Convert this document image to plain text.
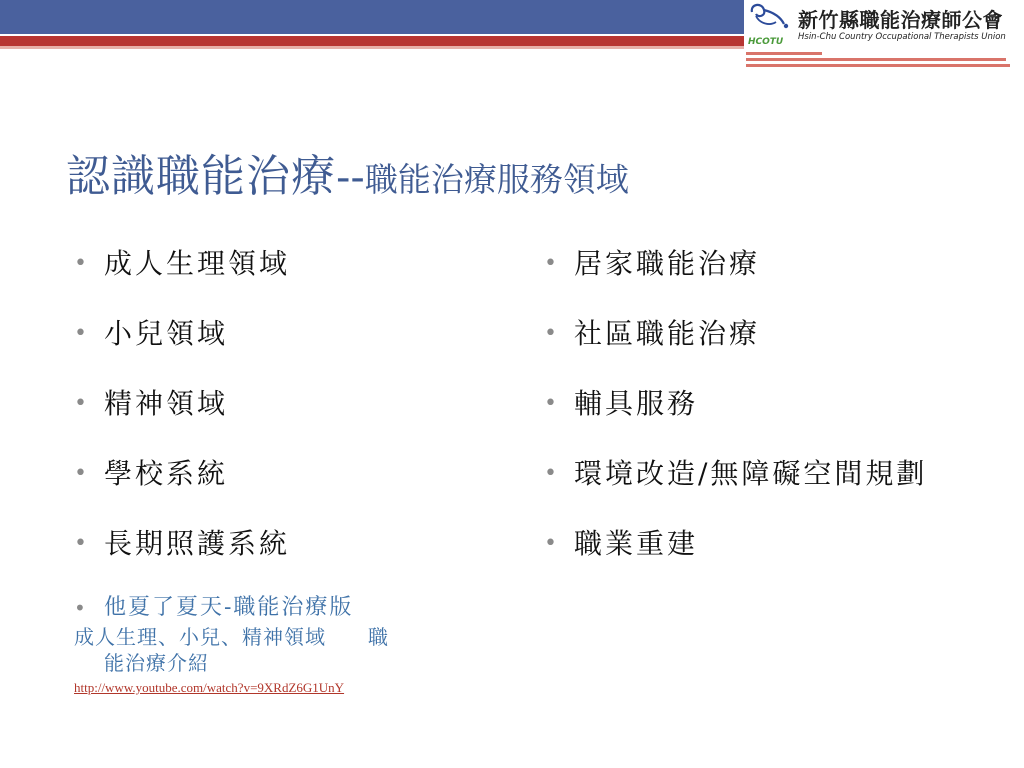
HCOTU
新竹縣職能治療師公會
Hsin-Chu Country Occupational Therapists Union
認識職能治療--職能治療服務領域
• 成人生理領域
• 小兒領域
• 精神領域
• 學校系統
• 長期照護系統
• 居家職能治療
• 社區職能治療
• 輔具服務
• 環境改造/無障礙空間規劃
• 職業重建
• 他夏了夏天-職能治療版
成人生理、小兒、精神領域　　職
能治療介紹
http://www.youtube.com/watch?v=9XRdZ6G1UnY
